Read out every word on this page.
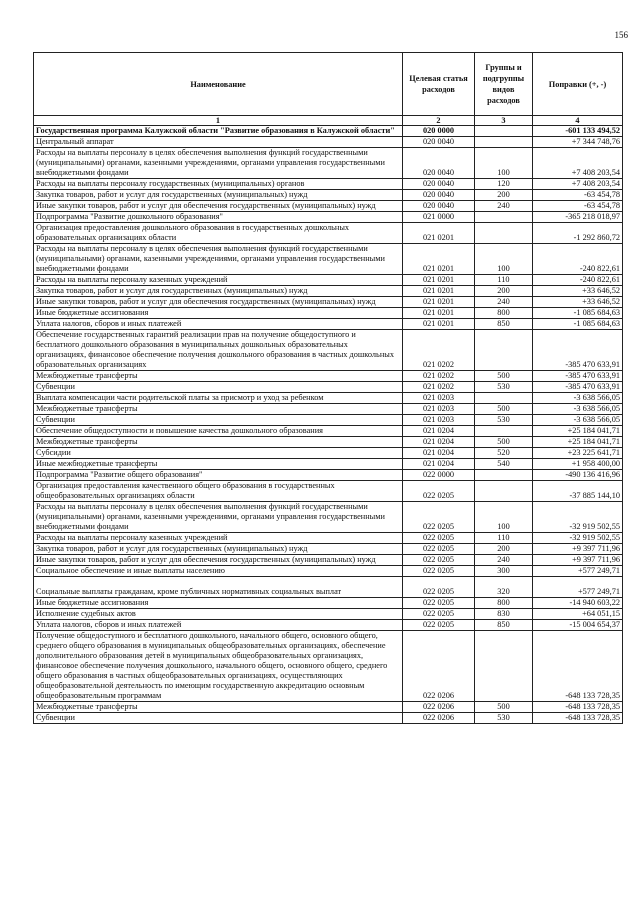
156
Наименование	Целевая статья расходов	Группы и подгруппы видов расходов	Поправки (+, -)
1	2	3	4
Государственная программа Калужской области "Развитие образования в Калужской области"	020 0000		-601 133 494,52
Центральный аппарат	020 0040		+7 344 748,76
Расходы на выплаты персоналу в целях обеспечения выполнения функций государственными (муниципальными) органами, казенными учреждениями, органами управления государственными внебюджетными фондами	020 0040	100	+7 408 203,54
Расходы на выплаты персоналу государственных (муниципальных) органов	020 0040	120	+7 408 203,54
Закупка товаров, работ и услуг для государственных (муниципальных) нужд	020 0040	200	-63 454,78
Иные закупки товаров, работ и услуг для обеспечения государственных (муниципальных) нужд	020 0040	240	-63 454,78
Подпрограмма "Развитие дошкольного образования"	021 0000		-365 218 018,97
Организация предоставления дошкольного образования в государственных дошкольных образовательных организациях области	021 0201		-1 292 860,72
Расходы на выплаты персоналу в целях обеспечения выполнения функций государственными (муниципальными) органами, казенными учреждениями, органами управления государственными внебюджетными фондами	021 0201	100	-240 822,61
Расходы на выплаты персоналу казенных учреждений	021 0201	110	-240 822,61
Закупка товаров, работ и услуг для государственных (муниципальных) нужд	021 0201	200	+33 646,52
Иные закупки товаров, работ и услуг для обеспечения государственных (муниципальных) нужд	021 0201	240	+33 646,52
Иные бюджетные ассигнования	021 0201	800	-1 085 684,63
Уплата налогов, сборов и иных платежей	021 0201	850	-1 085 684,63
Обеспечение государственных гарантий реализации прав на получение общедоступного и бесплатного дошкольного образования в муниципальных дошкольных образовательных организациях, финансовое обеспечение получения дошкольного образования в частных дошкольных образовательных организациях	021 0202		-385 470 633,91
Межбюджетные трансферты	021 0202	500	-385 470 633,91
Субвенции	021 0202	530	-385 470 633,91
Выплата компенсации части родительской платы за присмотр и уход за ребенком	021 0203		-3 638 566,05
Межбюджетные трансферты	021 0203	500	-3 638 566,05
Субвенции	021 0203	530	-3 638 566,05
Обеспечение общедоступности и повышение качества дошкольного образования	021 0204		+25 184 041,71
Межбюджетные трансферты	021 0204	500	+25 184 041,71
Субсидии	021 0204	520	+23 225 641,71
Иные межбюджетные трансферты	021 0204	540	+1 958 400,00
Подпрограмма "Развитие общего образования"	022 0000		-490 136 416,96
Организация предоставления качественного общего образования в государственных общеобразовательных организациях области	022 0205		-37 885 144,10
Расходы на выплаты персоналу в целях обеспечения выполнения функций государственными (муниципальными) органами, казенными учреждениями, органами управления государственными внебюджетными фондами	022 0205	100	-32 919 502,55
Расходы на выплаты персоналу казенных учреждений	022 0205	110	-32 919 502,55
Закупка товаров, работ и услуг для государственных (муниципальных) нужд	022 0205	200	+9 397 711,96
Иные закупки товаров, работ и услуг для обеспечения государственных (муниципальных) нужд	022 0205	240	+9 397 711,96
Социальное обеспечение и иные выплаты населению	022 0205	300	+577 249,71
Социальные выплаты гражданам, кроме публичных нормативных социальных выплат	022 0205	320	+577 249,71
Иные бюджетные ассигнования	022 0205	800	-14 940 603,22
Исполнение судебных актов	022 0205	830	+64 051,15
Уплата налогов, сборов и иных платежей	022 0205	850	-15 004 654,37
Получение общедоступного и бесплатного дошкольного, начального общего, основного общего, среднего общего образования в муниципальных общеобразовательных организациях, обеспечение дополнительного образования детей в муниципальных общеобразовательных организациях, финансовое обеспечение получения дошкольного, начального общего, основного общего, среднего общего образования в частных общеобразовательных организациях, осуществляющих общеобразовательной деятельность по имеющим государственную аккредитацию основным общеобразовательным программам	022 0206		-648 133 728,35
Межбюджетные трансферты	022 0206	500	-648 133 728,35
Субвенции	022 0206	530	-648 133 728,35
